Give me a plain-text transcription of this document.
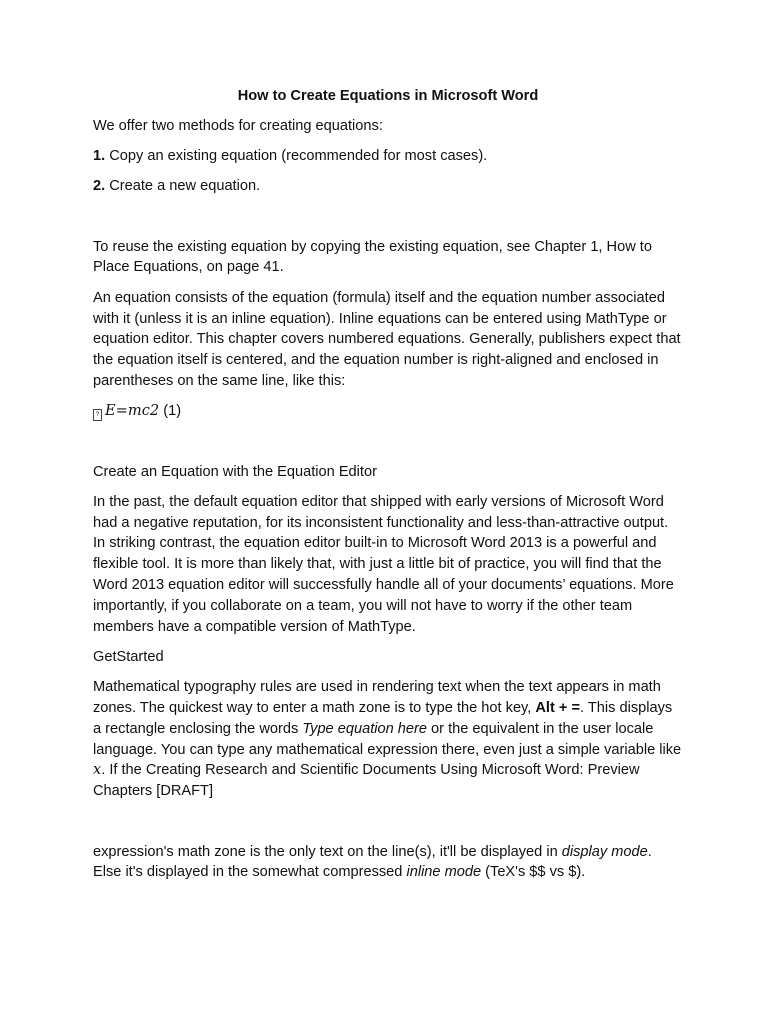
How to Create Equations in Microsoft Word

We offer two methods for creating equations:

1. Copy an existing equation (recommended for most cases).

2. Create a new equation.

To reuse the existing equation by copying the existing equation, see Chapter 1, How to Place Equations, on page 41.

An equation consists of the equation (formula) itself and the equation number associated with it (unless it is an inline equation). Inline equations can be entered using MathType or equation editor. This chapter covers numbered equations. Generally, publishers expect that the equation itself is centered, and the equation number is right-aligned and enclosed in parentheses on the same line, like this:

? E=mc2 (1)

Create an Equation with the Equation Editor

In the past, the default equation editor that shipped with early versions of Microsoft Word had a negative reputation, for its inconsistent functionality and less-than-attractive output. In striking contrast, the equation editor built-in to Microsoft Word 2013 is a powerful and flexible tool. It is more than likely that, with just a little bit of practice, you will find that the Word 2013 equation editor will successfully handle all of your documents’ equations. More importantly, if you collaborate on a team, you will not have to worry if the other team members have a compatible version of MathType.

GetStarted

Mathematical typography rules are used in rendering text when the text appears in math zones. The quickest way to enter a math zone is to type the hot key, Alt + =. This displays a rectangle enclosing the words Type equation here or the equivalent in the user locale language. You can type any mathematical expression there, even just a simple variable like x. If the Creating Research and Scientific Documents Using Microsoft Word: Preview Chapters [DRAFT]

expression's math zone is the only text on the line(s), it'll be displayed in display mode. Else it's displayed in the somewhat compressed inline mode (TeX's $$ vs $).
